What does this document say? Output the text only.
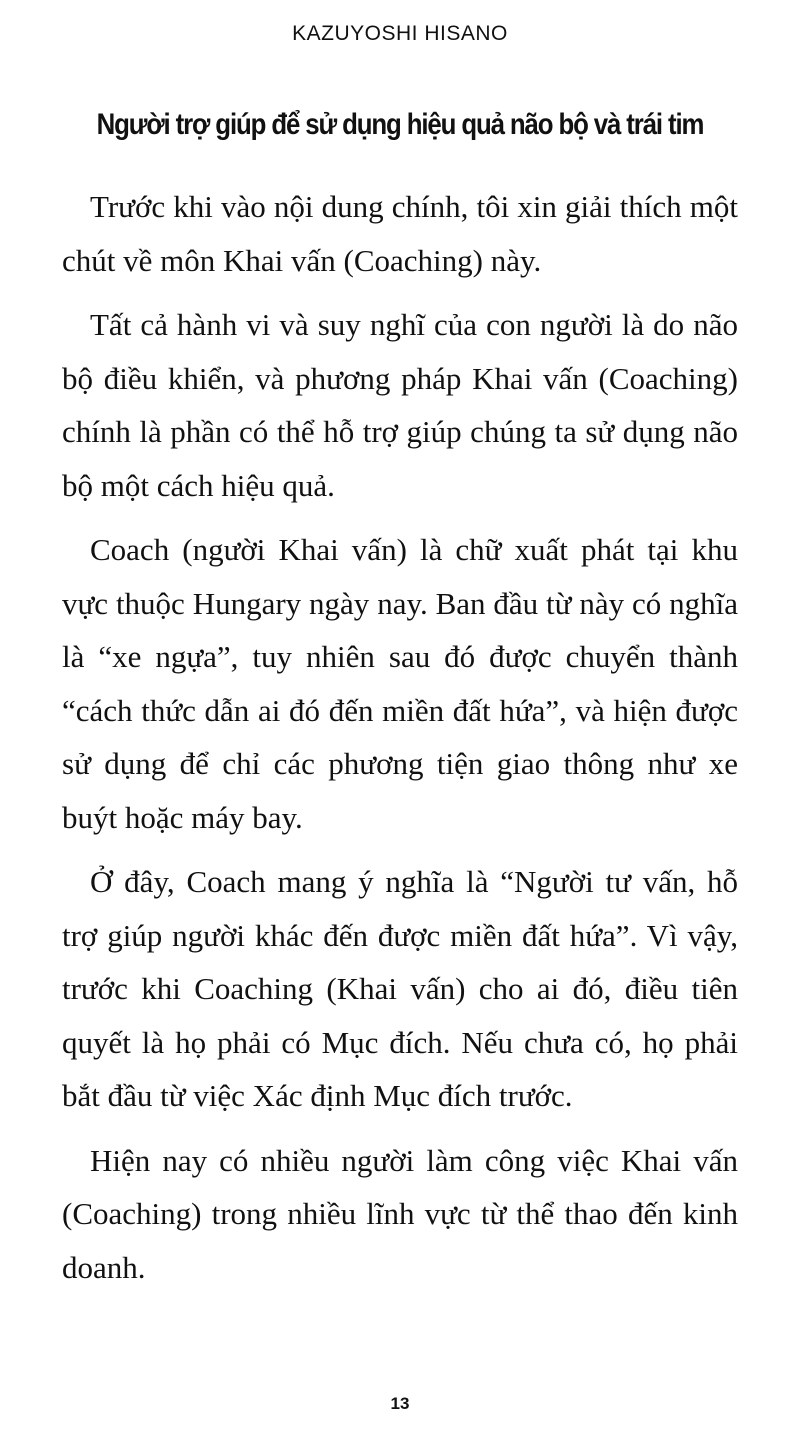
KAZUYOSHI HISANO
Người trợ giúp để sử dụng hiệu quả não bộ và trái tim

Trước khi vào nội dung chính, tôi xin giải thích một chút về môn Khai vấn (Coaching) này.

Tất cả hành vi và suy nghĩ của con người là do não bộ điều khiển, và phương pháp Khai vấn (Coaching) chính là phần có thể hỗ trợ giúp chúng ta sử dụng não bộ một cách hiệu quả.

Coach (người Khai vấn) là chữ xuất phát tại khu vực thuộc Hungary ngày nay. Ban đầu từ này có nghĩa là “xe ngựa”, tuy nhiên sau đó được chuyển thành “cách thức dẫn ai đó đến miền đất hứa”, và hiện được sử dụng để chỉ các phương tiện giao thông như xe buýt hoặc máy bay.

Ở đây, Coach mang ý nghĩa là “Người tư vấn, hỗ trợ giúp người khác đến được miền đất hứa”. Vì vậy, trước khi Coaching (Khai vấn) cho ai đó, điều tiên quyết là họ phải có Mục đích. Nếu chưa có, họ phải bắt đầu từ việc Xác định Mục đích trước.

Hiện nay có nhiều người làm công việc Khai vấn (Coaching) trong nhiều lĩnh vực từ thể thao đến kinh doanh.

13
